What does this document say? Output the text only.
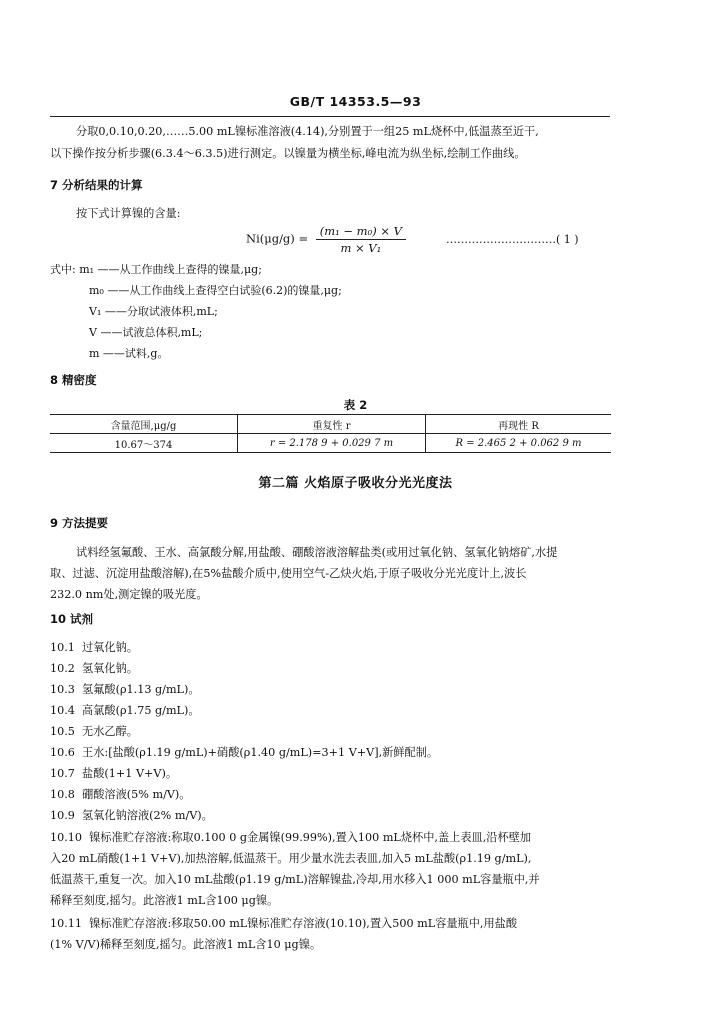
GB/T 14353.5—93
分取0,0.10,0.20,……5.00 mL镍标准溶液(4.14),分别置于一组25 mL烧杯中,低温蒸至近干,
以下操作按分析步骤(6.3.4～6.3.5)进行测定。以镍量为横坐标,峰电流为纵坐标,绘制工作曲线。
7 分析结果的计算
按下式计算镍的含量:
$Ni(\mu g/g) = \frac{\text{(m₁ − m₀) × V}}{\text{m × V₁}}$	…………………………( 1 )
式中: m₁ ——从工作曲线上查得的镍量,μg;
m₀ ——从工作曲线上查得空白试验(6.2)的镍量,μg;
V₁ ——分取试液体积,mL;
V ——试液总体积,mL;
m ——试料,g。
8 精密度
表 2
含量范围,μg/g	重复性 r	再现性 R
10.67～374	r = 2.178 9 + 0.029 7 m	R = 2.465 2 + 0.062 9 m
第二篇 火焰原子吸收分光光度法
9 方法提要
试料经氢氟酸、王水、高氯酸分解,用盐酸、硼酸溶液溶解盐类(或用过氧化钠、氢氧化钠熔矿,水提
取、过滤、沉淀用盐酸溶解),在5%盐酸介质中,使用空气-乙炔火焰,于原子吸收分光光度计上,波长
232.0 nm处,测定镍的吸光度。
10 试剂
10.1 过氧化钠。
10.2 氢氧化钠。
10.3 氢氟酸(ρ1.13 g/mL)。
10.4 高氯酸(ρ1.75 g/mL)。
10.5 无水乙醇。
10.6 王水:[盐酸(ρ1.19 g/mL)+硝酸(ρ1.40 g/mL)=3+1 V+V],新鲜配制。
10.7 盐酸(1+1 V+V)。
10.8 硼酸溶液(5% m/V)。
10.9 氢氧化钠溶液(2% m/V)。
10.10 镍标准贮存溶液:称取0.100 0 g金属镍(99.99%),置入100 mL烧杯中,盖上表皿,沿杯壁加
入20 mL硝酸(1+1 V+V),加热溶解,低温蒸干。用少量水洗去表皿,加入5 mL盐酸(ρ1.19 g/mL),
低温蒸干,重复一次。加入10 mL盐酸(ρ1.19 g/mL)溶解镍盐,冷却,用水移入1 000 mL容量瓶中,并
稀释至刻度,摇匀。此溶液1 mL含100 μg镍。
10.11 镍标准贮存溶液:移取50.00 mL镍标准贮存溶液(10.10),置入500 mL容量瓶中,用盐酸
(1% V/V)稀释至刻度,摇匀。此溶液1 mL含10 μg镍。
